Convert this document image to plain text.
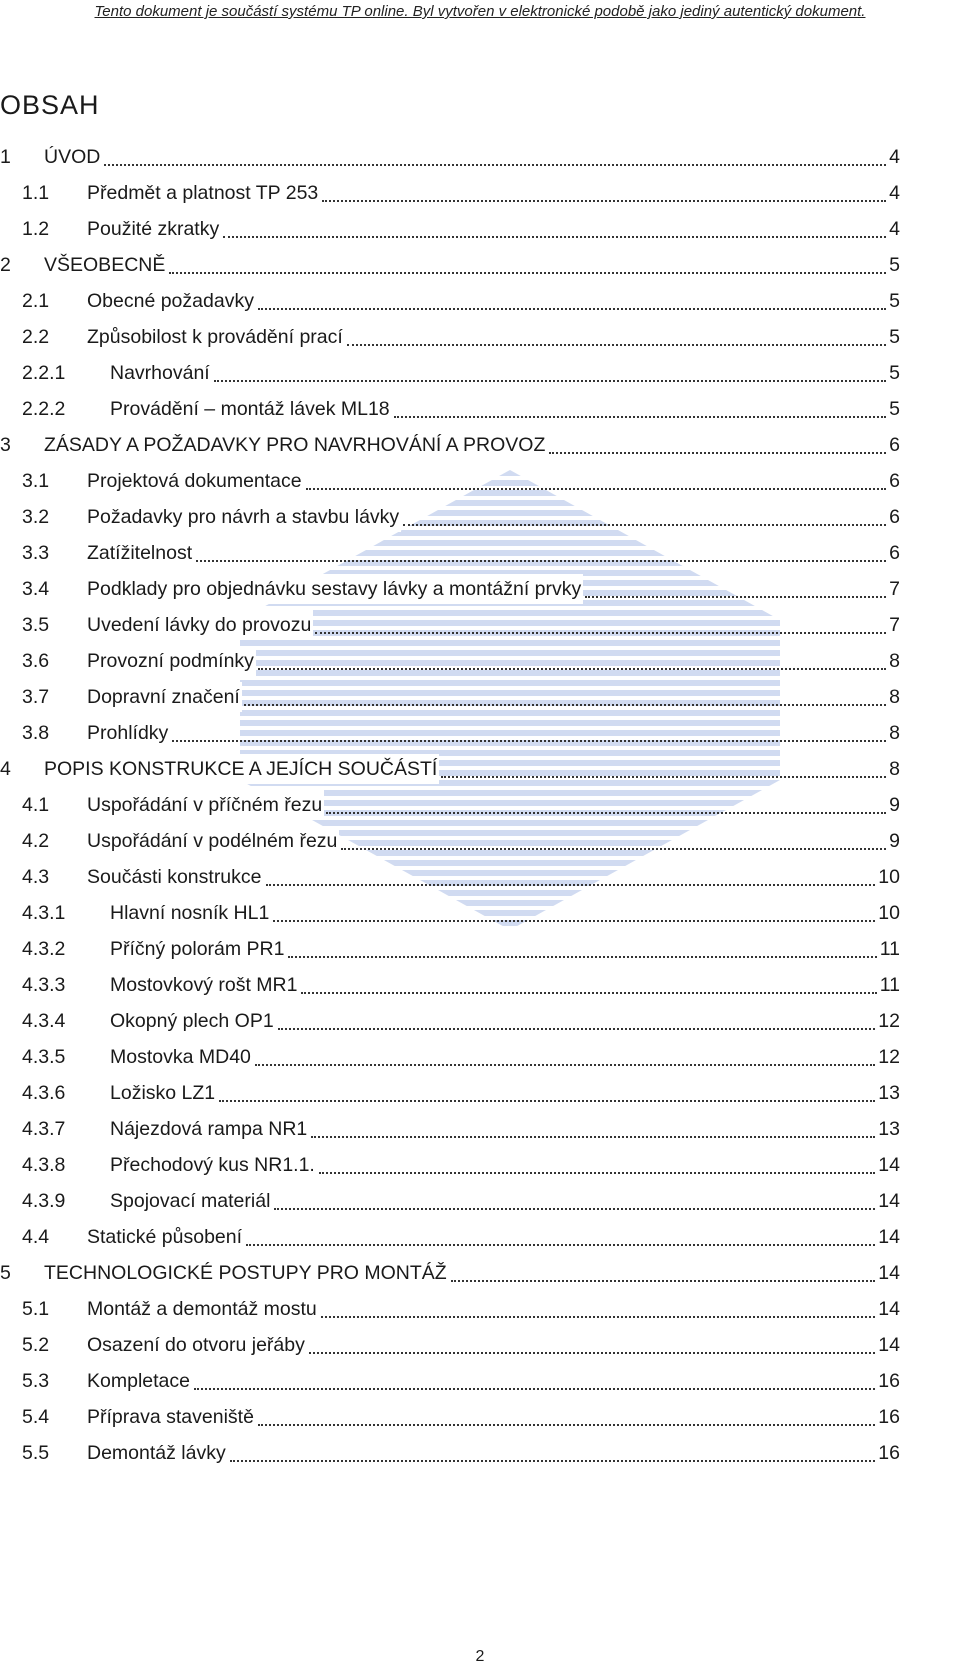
Tento dokument je součástí systému TP online. Byl vytvořen v elektronické podobě jako jediný autentický dokument.
OBSAH
1 ÚVOD	4
1.1 Předmět a platnost TP 253	4
1.2 Použité zkratky	4
2 VŠEOBECNĚ	5
2.1 Obecné požadavky	5
2.2 Způsobilost k provádění prací	5
2.2.1 Navrhování	5
2.2.2 Provádění – montáž lávek ML18	5
3 ZÁSADY A POŽADAVKY PRO NAVRHOVÁNÍ A PROVOZ	6
3.1 Projektová dokumentace	6
3.2 Požadavky pro návrh a stavbu lávky	6
3.3 Zatížitelnost	6
3.4 Podklady pro objednávku sestavy lávky a montážní prvky	7
3.5 Uvedení lávky do provozu	7
3.6 Provozní podmínky	8
3.7 Dopravní značení	8
3.8 Prohlídky	8
4 POPIS KONSTRUKCE A JEJÍCH SOUČÁSTÍ	8
4.1 Uspořádání v příčném řezu	9
4.2 Uspořádání v podélném řezu	9
4.3 Součásti konstrukce	10
4.3.1 Hlavní nosník HL1	10
4.3.2 Příčný polorám PR1	11
4.3.3 Mostovkový rošt MR1	11
4.3.4 Okopný plech OP1	12
4.3.5 Mostovka MD40	12
4.3.6 Ložisko LZ1	13
4.3.7 Nájezdová rampa NR1	13
4.3.8 Přechodový kus NR1.1.	14
4.3.9 Spojovací materiál	14
4.4 Statické působení	14
5 TECHNOLOGICKÉ POSTUPY PRO MONTÁŽ	14
5.1 Montáž a demontáž mostu	14
5.2 Osazení do otvoru jeřáby	14
5.3 Kompletace	16
5.4 Příprava staveniště	16
5.5 Demontáž lávky	16
2
